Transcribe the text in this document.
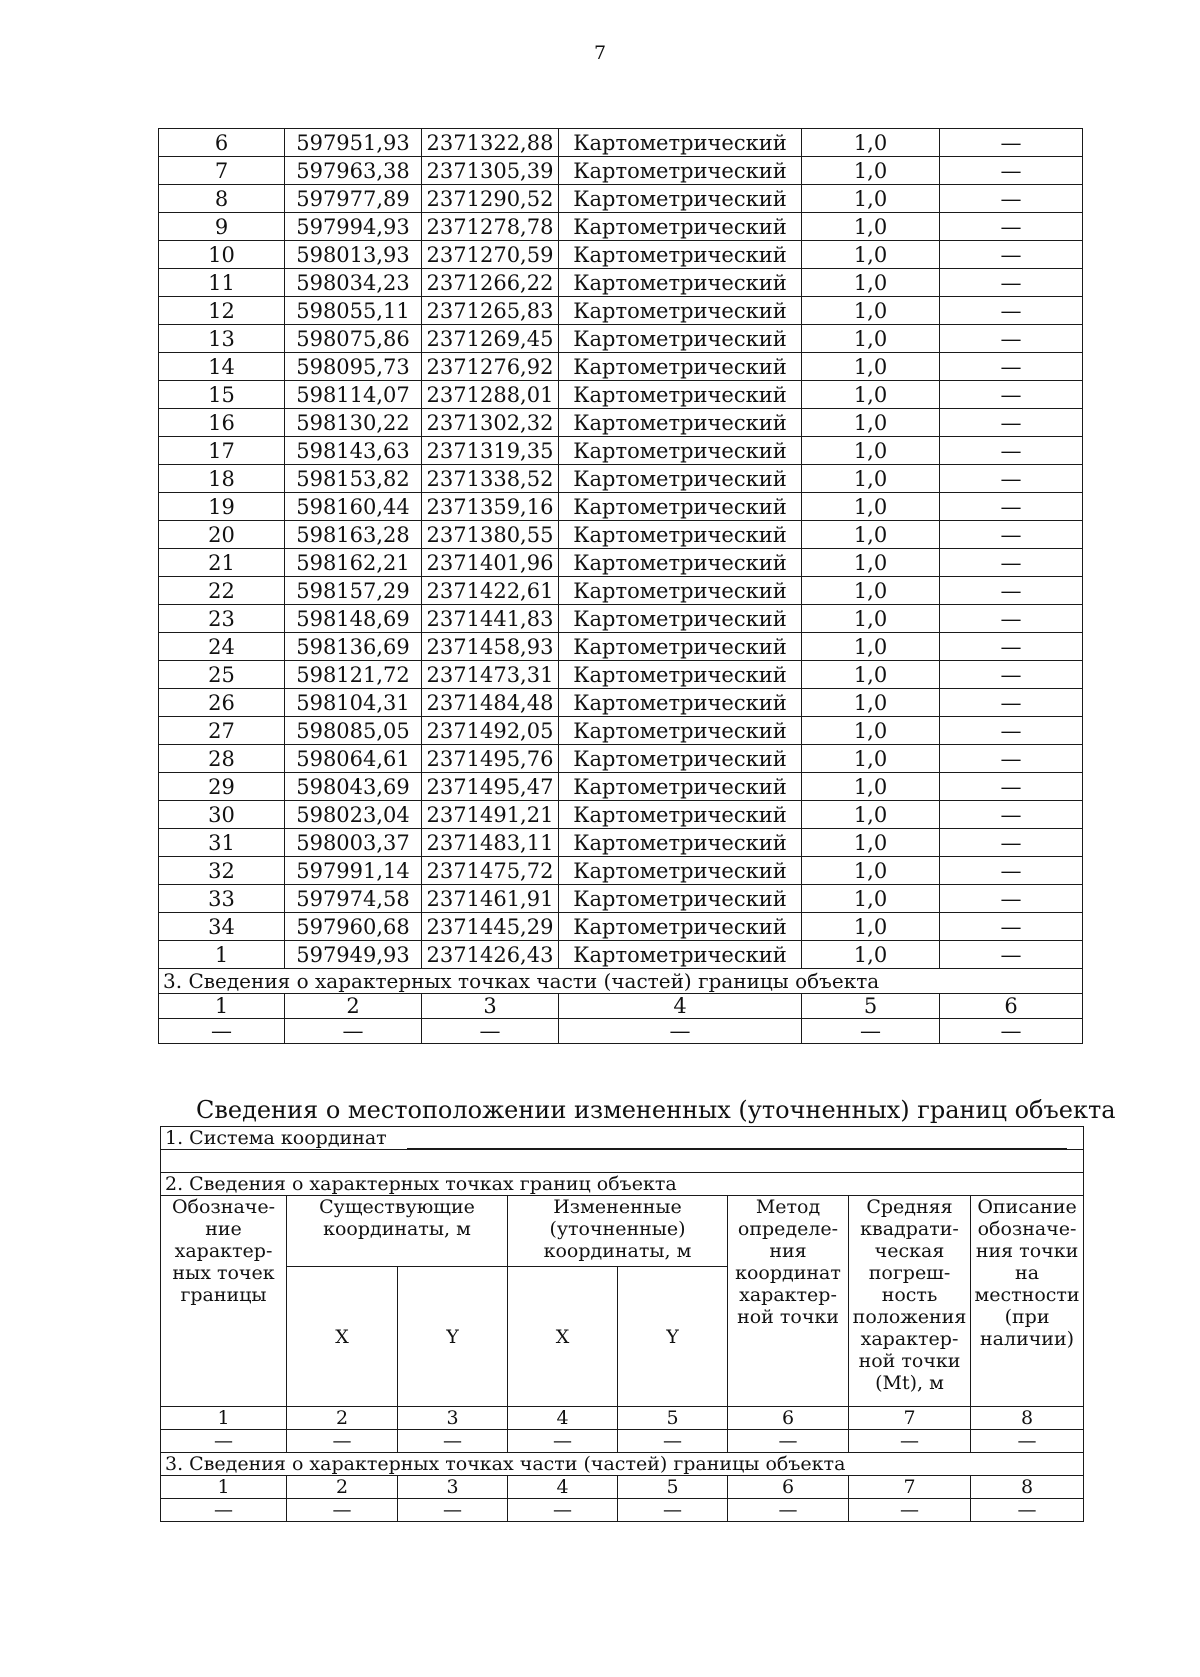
7
6	597951,93	2371322,88	Картометрический	1,0	—
7	597963,38	2371305,39	Картометрический	1,0	—
8	597977,89	2371290,52	Картометрический	1,0	—
9	597994,93	2371278,78	Картометрический	1,0	—
10	598013,93	2371270,59	Картометрический	1,0	—
11	598034,23	2371266,22	Картометрический	1,0	—
12	598055,11	2371265,83	Картометрический	1,0	—
13	598075,86	2371269,45	Картометрический	1,0	—
14	598095,73	2371276,92	Картометрический	1,0	—
15	598114,07	2371288,01	Картометрический	1,0	—
16	598130,22	2371302,32	Картометрический	1,0	—
17	598143,63	2371319,35	Картометрический	1,0	—
18	598153,82	2371338,52	Картометрический	1,0	—
19	598160,44	2371359,16	Картометрический	1,0	—
20	598163,28	2371380,55	Картометрический	1,0	—
21	598162,21	2371401,96	Картометрический	1,0	—
22	598157,29	2371422,61	Картометрический	1,0	—
23	598148,69	2371441,83	Картометрический	1,0	—
24	598136,69	2371458,93	Картометрический	1,0	—
25	598121,72	2371473,31	Картометрический	1,0	—
26	598104,31	2371484,48	Картометрический	1,0	—
27	598085,05	2371492,05	Картометрический	1,0	—
28	598064,61	2371495,76	Картометрический	1,0	—
29	598043,69	2371495,47	Картометрический	1,0	—
30	598023,04	2371491,21	Картометрический	1,0	—
31	598003,37	2371483,11	Картометрический	1,0	—
32	597991,14	2371475,72	Картометрический	1,0	—
33	597974,58	2371461,91	Картометрический	1,0	—
34	597960,68	2371445,29	Картометрический	1,0	—
1	597949,93	2371426,43	Картометрический	1,0	—
3. Сведения о характерных точках части (частей) границы объекта					
1	2	3	4	5	6
—	—	—	—	—	—
Сведения о местоположении измененных (уточненных) границ объекта
1. Система координат							

2. Сведения о характерных точках границ объекта							
Обозначе-ние характер-ных точек границы	Существующие координаты, м		Измененные (уточненные) координаты, м		Метод определе-ния координат характер-ной точки	Средняя квадрати-ческая погреш-ность положения характер-ной точки (Mt), м	Описание обозначе-ния точки на местности (при наличии)
	X	Y	X	Y			
1	2	3	4	5	6	7	8
—	—	—	—	—	—	—	—
3. Сведения о характерных точках части (частей) границы объекта							
1	2	3	4	5	6	7	8
—	—	—	—	—	—	—	—
